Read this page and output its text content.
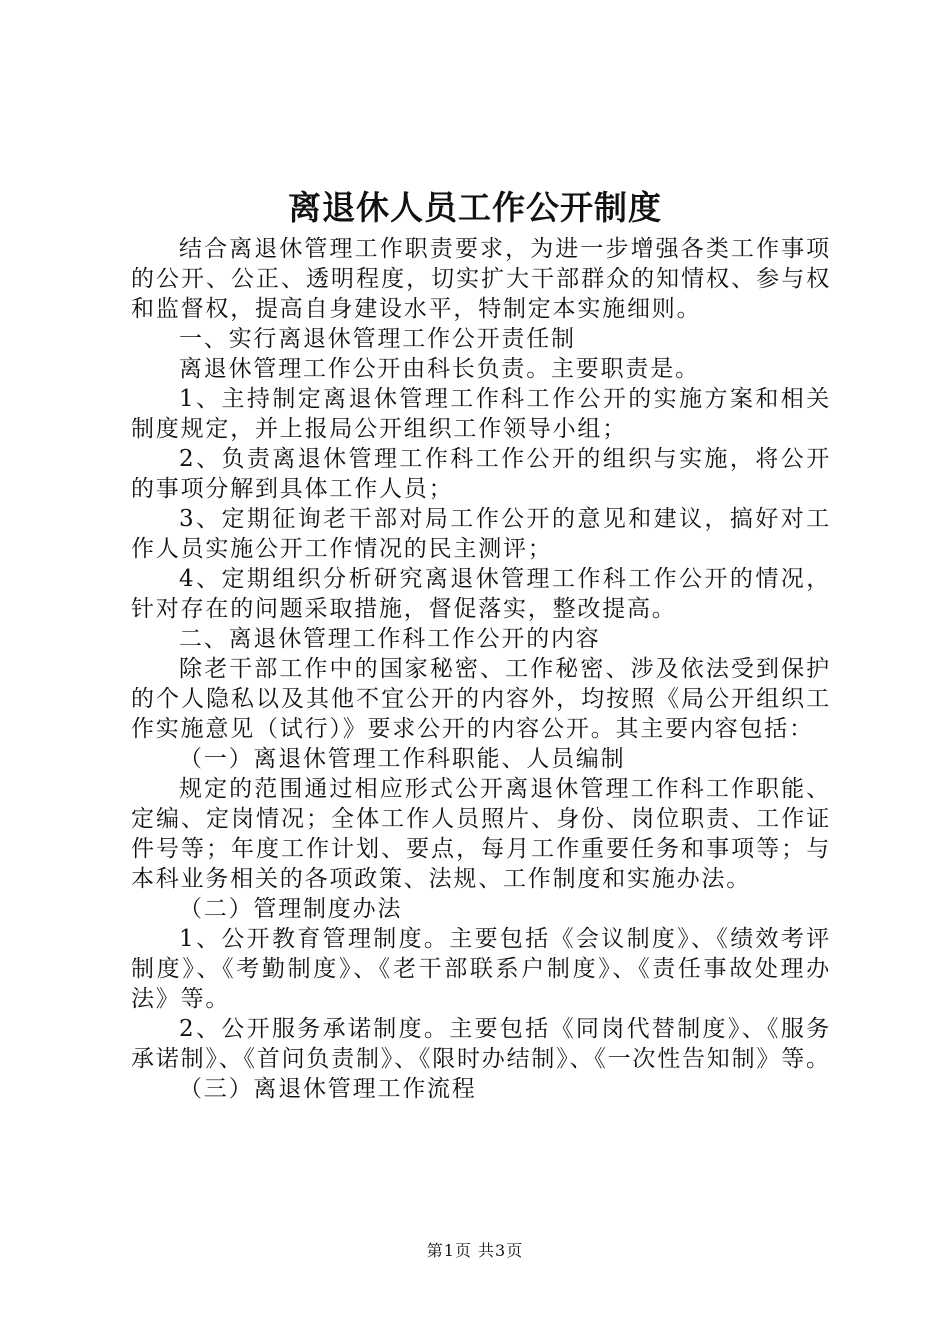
离退休人员工作公开制度

结合离退休管理工作职责要求，为进一步增强各类工作事项的公开、公正、透明程度，切实扩大干部群众的知情权、参与权和监督权，提高自身建设水平，特制定本实施细则。

一、实行离退休管理工作公开责任制

离退休管理工作公开由科长负责。主要职责是。

1、主持制定离退休管理工作科工作公开的实施方案和相关制度规定，并上报局公开组织工作领导小组；

2、负责离退休管理工作科工作公开的组织与实施，将公开的事项分解到具体工作人员；

3、定期征询老干部对局工作公开的意见和建议，搞好对工作人员实施公开工作情况的民主测评；

4、定期组织分析研究离退休管理工作科工作公开的情况，针对存在的问题采取措施，督促落实，整改提高。

二、离退休管理工作科工作公开的内容

除老干部工作中的国家秘密、工作秘密、涉及依法受到保护的个人隐私以及其他不宜公开的内容外，均按照《局公开组织工作实施意见（试行）》要求公开的内容公开。其主要内容包括：

（一）离退休管理工作科职能、人员编制

规定的范围通过相应形式公开离退休管理工作科工作职能、定编、定岗情况；全体工作人员照片、身份、岗位职责、工作证件号等；年度工作计划、要点，每月工作重要任务和事项等；与本科业务相关的各项政策、法规、工作制度和实施办法。

（二）管理制度办法

1、公开教育管理制度。主要包括《会议制度》、《绩效考评制度》、《考勤制度》、《老干部联系户制度》、《责任事故处理办法》等。

2、公开服务承诺制度。主要包括《同岗代替制度》、《服务承诺制》、《首问负责制》、《限时办结制》、《一次性告知制》等。

（三）离退休管理工作流程

第1页 共3页
